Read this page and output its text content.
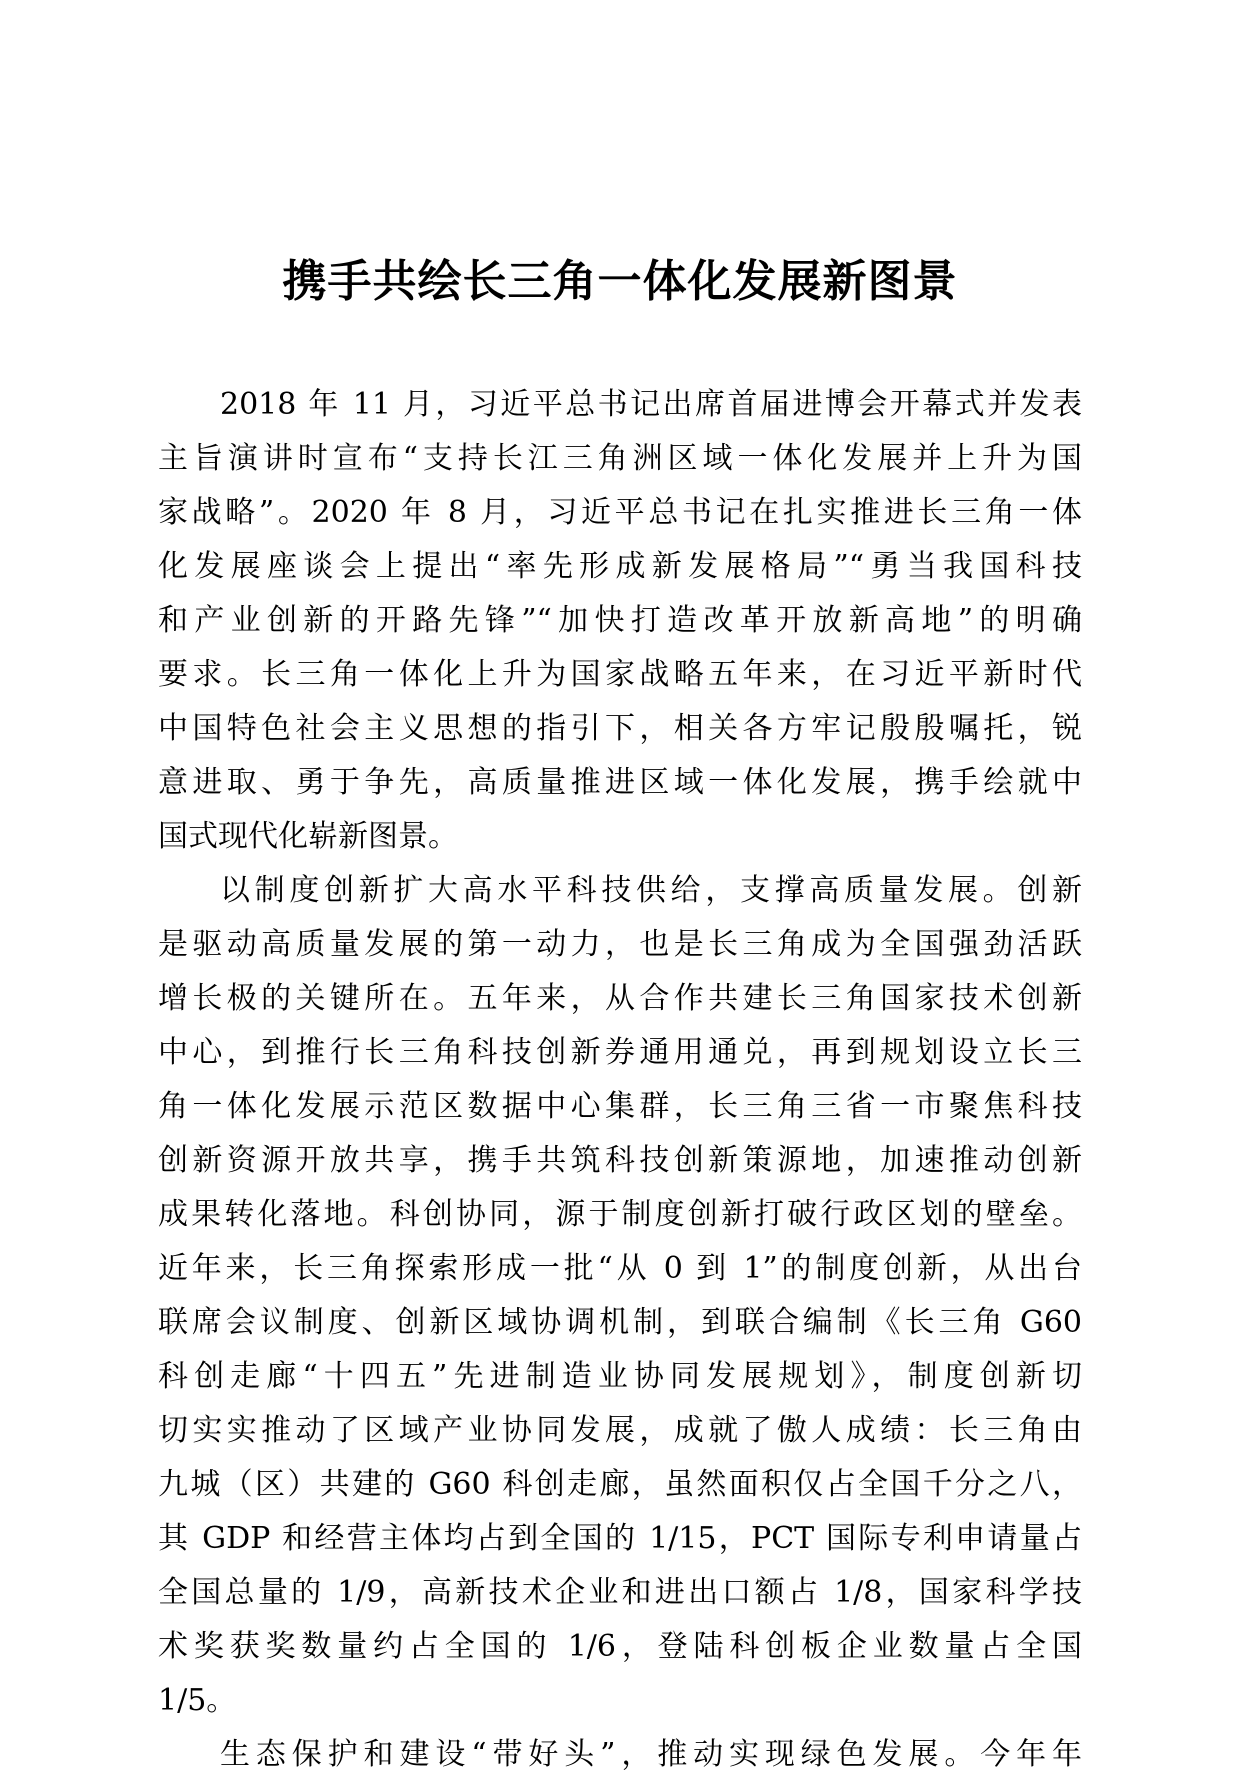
携手共绘长三角一体化发展新图景
2018 年 11 月，习近平总书记出席首届进博会开幕式并发表
主旨演讲时宣布“支持长江三角洲区域一体化发展并上升为国
家战略”。2020 年 8 月，习近平总书记在扎实推进长三角一体
化发展座谈会上提出“率先形成新发展格局”“勇当我国科技
和产业创新的开路先锋”“加快打造改革开放新高地”的明确
要求。长三角一体化上升为国家战略五年来，在习近平新时代
中国特色社会主义思想的指引下，相关各方牢记殷殷嘱托，锐
意进取、勇于争先，高质量推进区域一体化发展，携手绘就中
国式现代化崭新图景。
以制度创新扩大高水平科技供给，支撑高质量发展。创新
是驱动高质量发展的第一动力，也是长三角成为全国强劲活跃
增长极的关键所在。五年来，从合作共建长三角国家技术创新
中心，到推行长三角科技创新券通用通兑，再到规划设立长三
角一体化发展示范区数据中心集群，长三角三省一市聚焦科技
创新资源开放共享，携手共筑科技创新策源地，加速推动创新
成果转化落地。科创协同，源于制度创新打破行政区划的壁垒。
近年来，长三角探索形成一批“从 0 到 1”的制度创新，从出台
联席会议制度、创新区域协调机制，到联合编制《长三角 G60
科创走廊“十四五”先进制造业协同发展规划》，制度创新切
切实实推动了区域产业协同发展，成就了傲人成绩：长三角由
九城（区）共建的 G60 科创走廊，虽然面积仅占全国千分之八，
其 GDP 和经营主体均占到全国的 1/15，PCT 国际专利申请量占
全国总量的 1/9，高新技术企业和进出口额占 1/8，国家科学技
术奖获奖数量约占全国的 1/6，登陆科创板企业数量占全国
1/5。
生态保护和建设“带好头”，推动实现绿色发展。今年年
